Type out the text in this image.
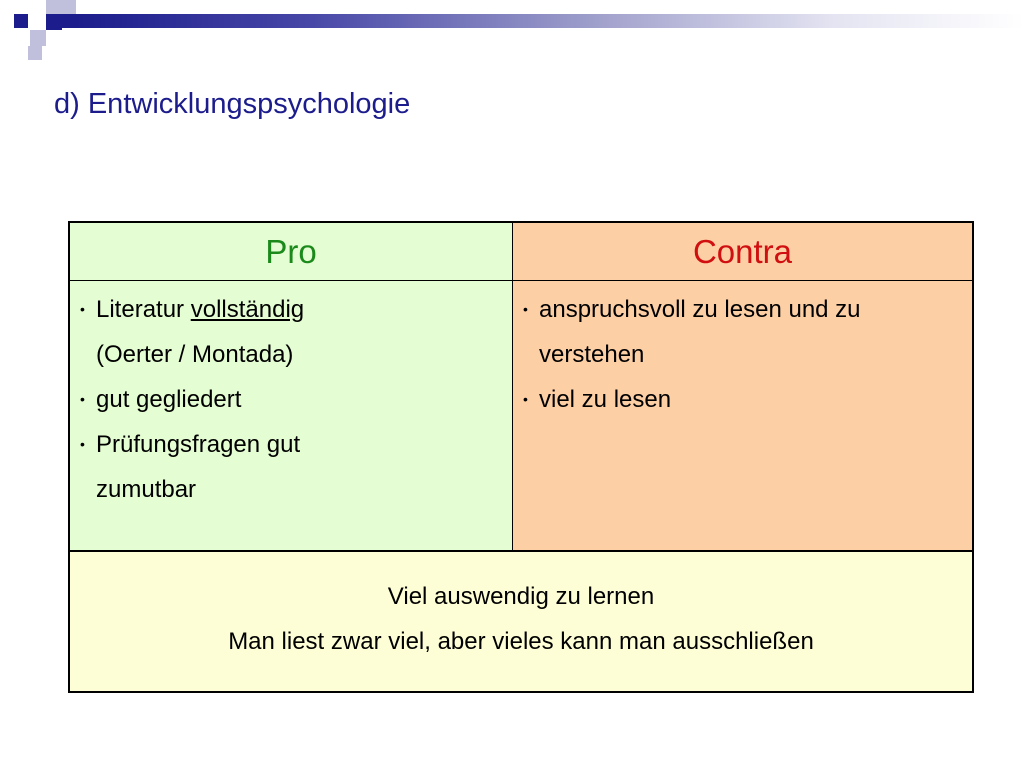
d) Entwicklungspsychologie
Pro	Contra
• Literatur vollständig
(Oerter / Montada)
• gut gegliedert
• Prüfungsfragen gut
zumutbar
• anspruchsvoll zu lesen und zu
verstehen
• viel zu lesen
Viel auswendig zu lernen
Man liest zwar viel, aber vieles kann man ausschließen
